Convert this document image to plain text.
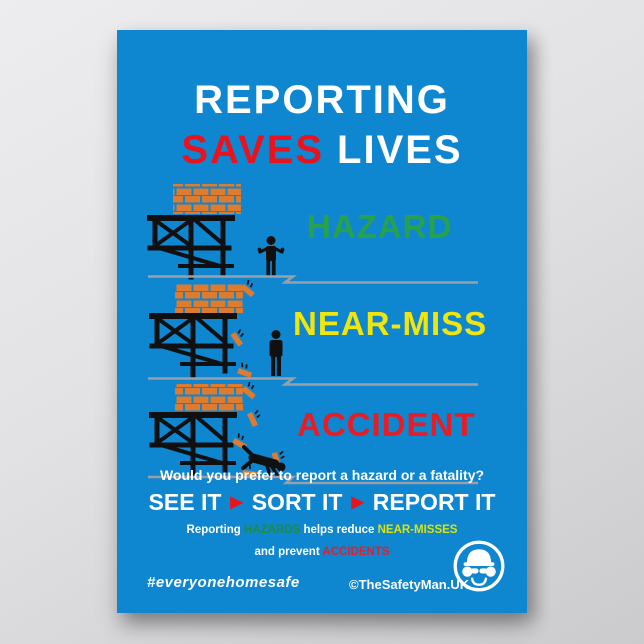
REPORTING
SAVES LIVES
HAZARD
NEAR-MISS
ACCIDENT
Would you prefer to report a hazard or a fatality?
SEE IT ▶ SORT IT ▶ REPORT IT
Reporting HAZARDS helps reduce NEAR-MISSES
and prevent ACCIDENTS
#everyonehomesafe	©TheSafetyMan.UK
